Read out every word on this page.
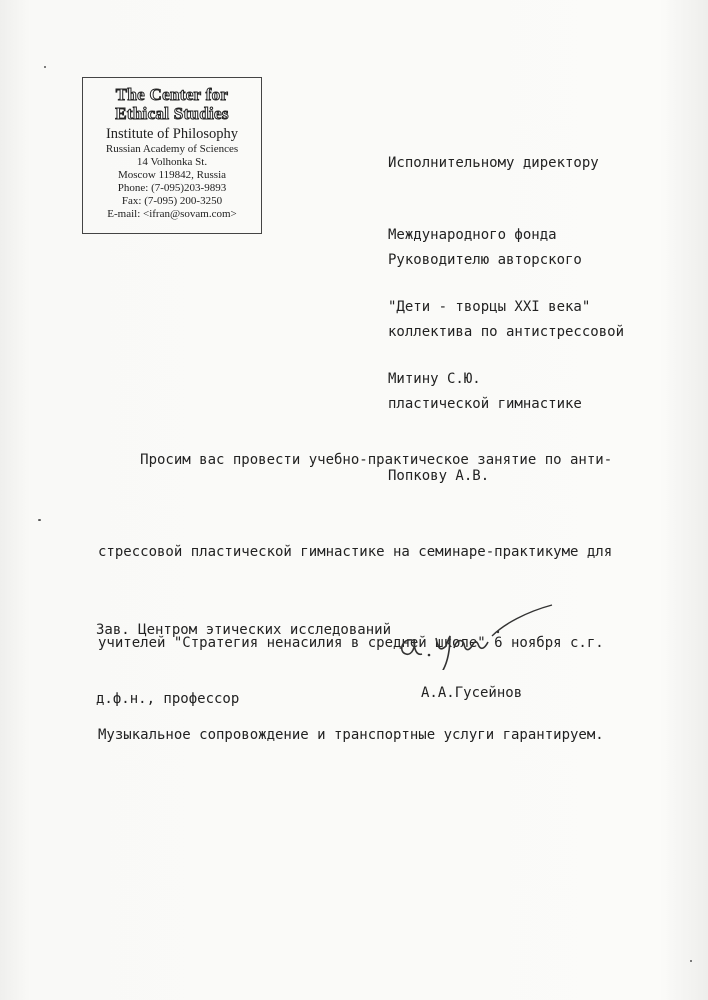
The Center for
Ethical Studies
Institute of Philosophy
Russian Academy of Sciences
14 Volhonka St.
Moscow 119842, Russia
Phone: (7-095)203-9893
Fax: (7-095) 200-3250
E-mail: <ifran@sovam.com>

Исполнительному директору

Международного фонда

"Дети - творцы XXI века"

Митину С.Ю.

Руководителю авторского

коллектива по антистрессовой

пластической гимнастике

Попкову А.В.

Просим вас провести учебно-практическое занятие по анти-

стрессовой пластической гимнастике на семинаре-практикуме для

учителей "Стратегия ненасилия в средней школе" 6 ноября с.г.

Музыкальное сопровождение и транспортные услуги гарантируем.

Зав. Центром этических исследований

д.ф.н., профессор

	А.А.Гусейнов
